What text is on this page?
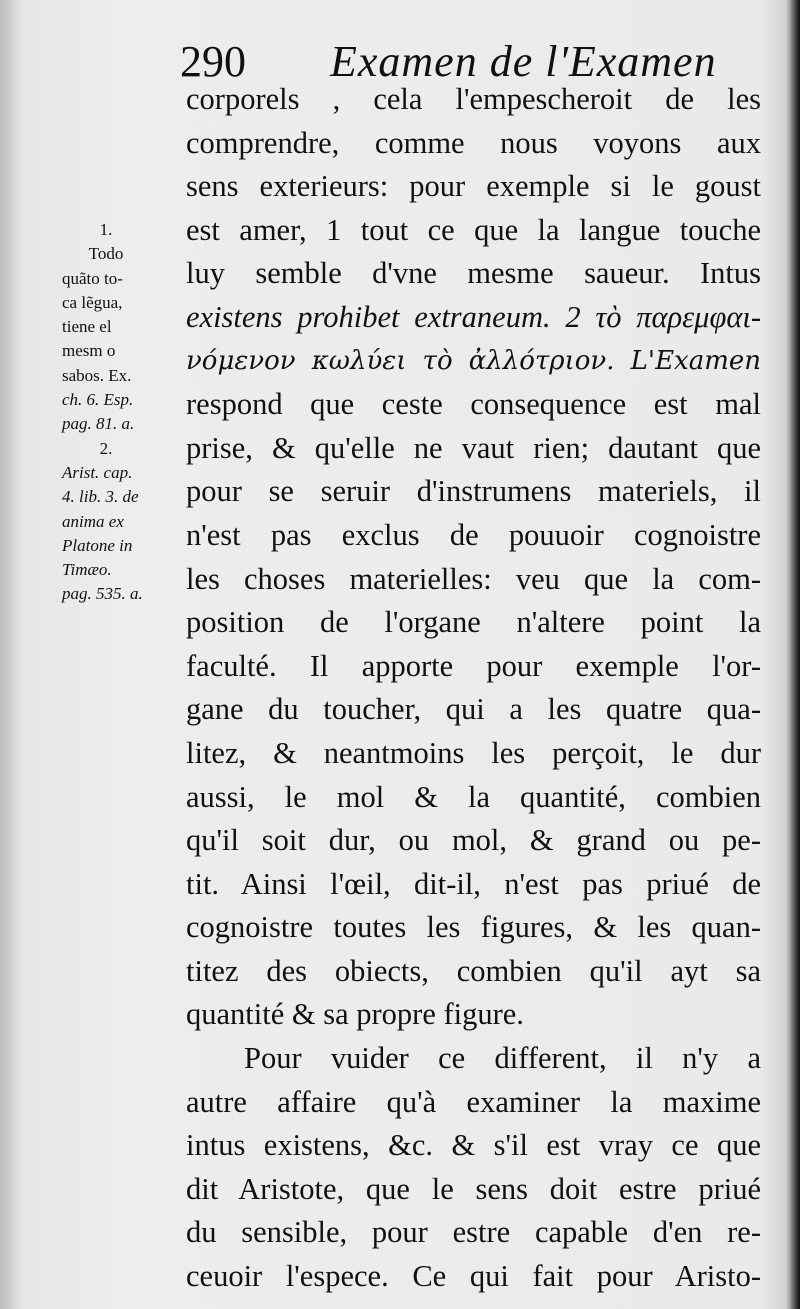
290 Examen de l'Examen
1.
Todo
quãto to-
ca lẽgua,
tiene el
mesm o
sabos. Ex.
ch. 6. Esp.
pag. 81. a.
2.
Arist. cap.
4. lib. 3. de
anima ex
Platone in
Timæo.
pag. 535. a.
corporels , cela l'empescheroit de les
comprendre, comme nous voyons aux
sens exterieurs: pour exemple si le goust
est amer, 1 tout ce que la langue touche
luy semble d'vne mesme saueur. Intus
existens prohibet extraneum. 2 τὸ παρεμφαι-
νόμενον κωλύει τὸ ἀλλότριον. L'Examen
respond que ceste consequence est mal
prise, & qu'elle ne vaut rien; dautant que
pour se seruir d'instrumens materiels, il
n'est pas exclus de pouuoir cognoistre
les choses materielles: veu que la com-
position de l'organe n'altere point la
faculté. Il apporte pour exemple l'or-
gane du toucher, qui a les quatre qua-
litez, & neantmoins les perçoit, le dur
aussi, le mol & la quantité, combien
qu'il soit dur, ou mol, & grand ou pe-
tit. Ainsi l'œil, dit-il, n'est pas priué de
cognoistre toutes les figures, & les quan-
titez des obiects, combien qu'il ayt sa
quantité & sa propre figure.
Pour vuider ce different, il n'y a
autre affaire qu'à examiner la maxime
intus existens, &c. & s'il est vray ce que
dit Aristote, que le sens doit estre priué
du sensible, pour estre capable d'en re-
ceuoir l'espece. Ce qui fait pour Aristo-
